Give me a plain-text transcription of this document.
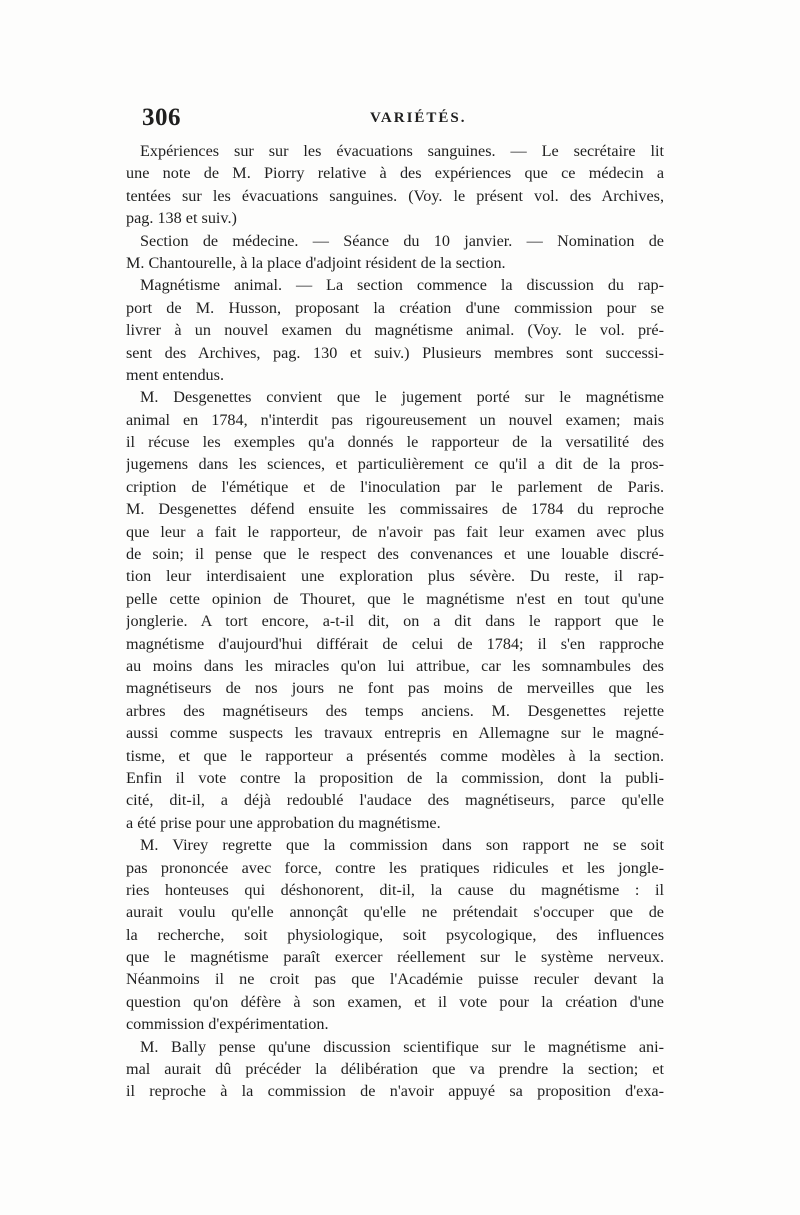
306	VARIÉTÉS.
Expériences sur sur les évacuations sanguines. — Le secrétaire lit
une note de M. Piorry relative à des expériences que ce médecin a
tentées sur les évacuations sanguines. (Voy. le présent vol. des Archives,
pag. 138 et suiv.)
Section de médecine. — Séance du 10 janvier. — Nomination de
M. Chantourelle, à la place d'adjoint résident de la section.
Magnétisme animal. — La section commence la discussion du rap-
port de M. Husson, proposant la création d'une commission pour se
livrer à un nouvel examen du magnétisme animal. (Voy. le vol. pré-
sent des Archives, pag. 130 et suiv.) Plusieurs membres sont successi-
ment entendus.
M. Desgenettes convient que le jugement porté sur le magnétisme
animal en 1784, n'interdit pas rigoureusement un nouvel examen; mais
il récuse les exemples qu'a donnés le rapporteur de la versatilité des
jugemens dans les sciences, et particulièrement ce qu'il a dit de la pros-
cription de l'émétique et de l'inoculation par le parlement de Paris.
M. Desgenettes défend ensuite les commissaires de 1784 du reproche
que leur a fait le rapporteur, de n'avoir pas fait leur examen avec plus
de soin; il pense que le respect des convenances et une louable discré-
tion leur interdisaient une exploration plus sévère. Du reste, il rap-
pelle cette opinion de Thouret, que le magnétisme n'est en tout qu'une
jonglerie. A tort encore, a-t-il dit, on a dit dans le rapport que le
magnétisme d'aujourd'hui différait de celui de 1784; il s'en rapproche
au moins dans les miracles qu'on lui attribue, car les somnambules des
magnétiseurs de nos jours ne font pas moins de merveilles que les
arbres des magnétiseurs des temps anciens. M. Desgenettes rejette
aussi comme suspects les travaux entrepris en Allemagne sur le magné-
tisme, et que le rapporteur a présentés comme modèles à la section.
Enfin il vote contre la proposition de la commission, dont la publi-
cité, dit-il, a déjà redoublé l'audace des magnétiseurs, parce qu'elle
a été prise pour une approbation du magnétisme.
M. Virey regrette que la commission dans son rapport ne se soit
pas prononcée avec force, contre les pratiques ridicules et les jongle-
ries honteuses qui déshonorent, dit-il, la cause du magnétisme : il
aurait voulu qu'elle annonçât qu'elle ne prétendait s'occuper que de
la recherche, soit physiologique, soit psycologique, des influences
que le magnétisme paraît exercer réellement sur le système nerveux.
Néanmoins il ne croit pas que l'Académie puisse reculer devant la
question qu'on défère à son examen, et il vote pour la création d'une
commission d'expérimentation.
M. Bally pense qu'une discussion scientifique sur le magnétisme ani-
mal aurait dû précéder la délibération que va prendre la section; et
il reproche à la commission de n'avoir appuyé sa proposition d'exa-
